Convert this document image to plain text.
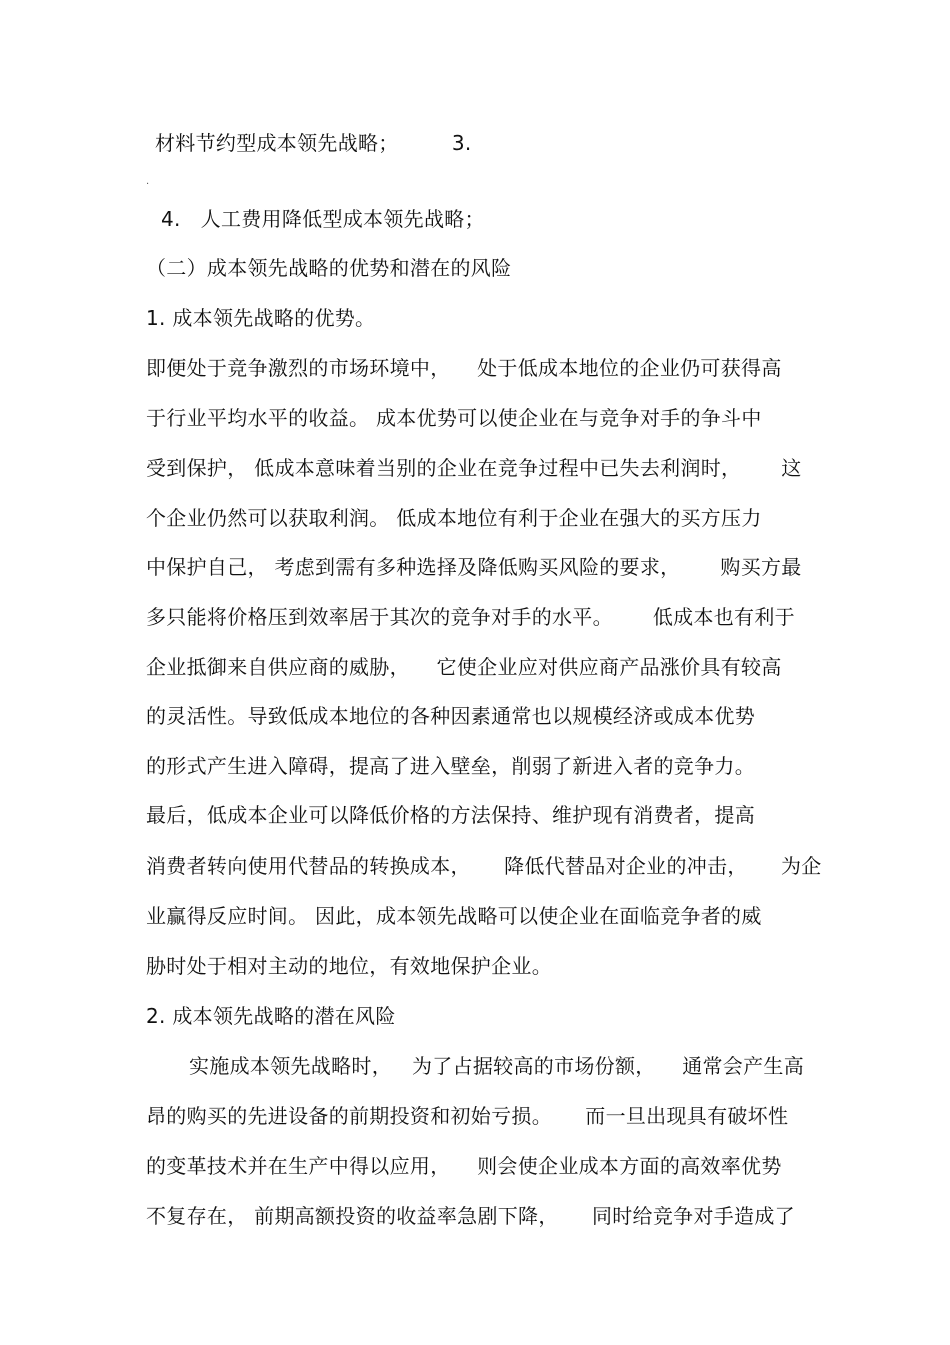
材料节约型成本领先战略；        3.
·
4.   人工费用降低型成本领先战略；
（二）成本领先战略的优势和潜在的风险
1. 成本领先战略的优势。
即便处于竞争激烈的市场环境中，    处于低成本地位的企业仍可获得高
于行业平均水平的收益。 成本优势可以使企业在与竞争对手的争斗中
受到保护， 低成本意味着当别的企业在竞争过程中已失去利润时，      这
个企业仍然可以获取利润。 低成本地位有利于企业在强大的买方压力
中保护自己， 考虑到需有多种选择及降低购买风险的要求，      购买方最
多只能将价格压到效率居于其次的竞争对手的水平。      低成本也有利于
企业抵御来自供应商的威胁，    它使企业应对供应商产品涨价具有较高
的灵活性。导致低成本地位的各种因素通常也以规模经济或成本优势
的形式产生进入障碍，提高了进入壁垒，削弱了新进入者的竞争力。
最后，低成本企业可以降低价格的方法保持、维护现有消费者，提高
消费者转向使用代替品的转换成本，     降低代替品对企业的冲击，     为企
业赢得反应时间。 因此，成本领先战略可以使企业在面临竞争者的威
胁时处于相对主动的地位，有效地保护企业。
2. 成本领先战略的潜在风险
实施成本领先战略时，   为了占据较高的市场份额，    通常会产生高
昂的购买的先进设备的前期投资和初始亏损。     而一旦出现具有破坏性
的变革技术并在生产中得以应用，    则会使企业成本方面的高效率优势
不复存在， 前期高额投资的收益率急剧下降，     同时给竞争对手造成了
